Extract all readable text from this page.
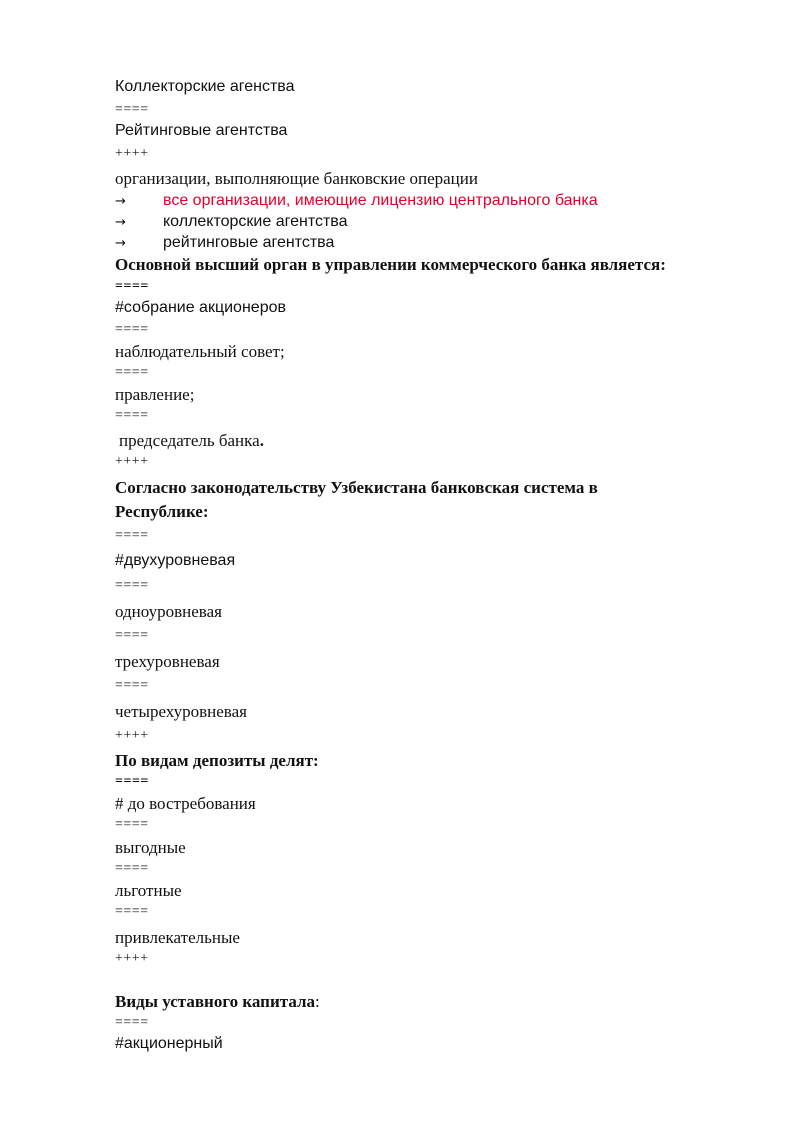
Коллекторские агенства
====
Рейтинговые агентства
++++
организации, выполняющие банковские операции
→ все организации, имеющие лицензию центрального банка
→ коллекторские агентства
→ рейтинговые агентства
Основной высший орган в управлении коммерческого банка является:
====
#собрание акционеров
====
наблюдательный совет;
====
правление;
====
председатель банка.
++++
Согласно законодательству Узбекистана банковская система в
Республике:
====
#двухуровневая
====
одноуровневая
====
трехуровневая
====
четырехуровневая
++++
По видам депозиты делят:
====
# до востребования
====
выгодные
====
льготные
====
привлекательные
++++
Виды уставного капитала:
====
#акционерный
